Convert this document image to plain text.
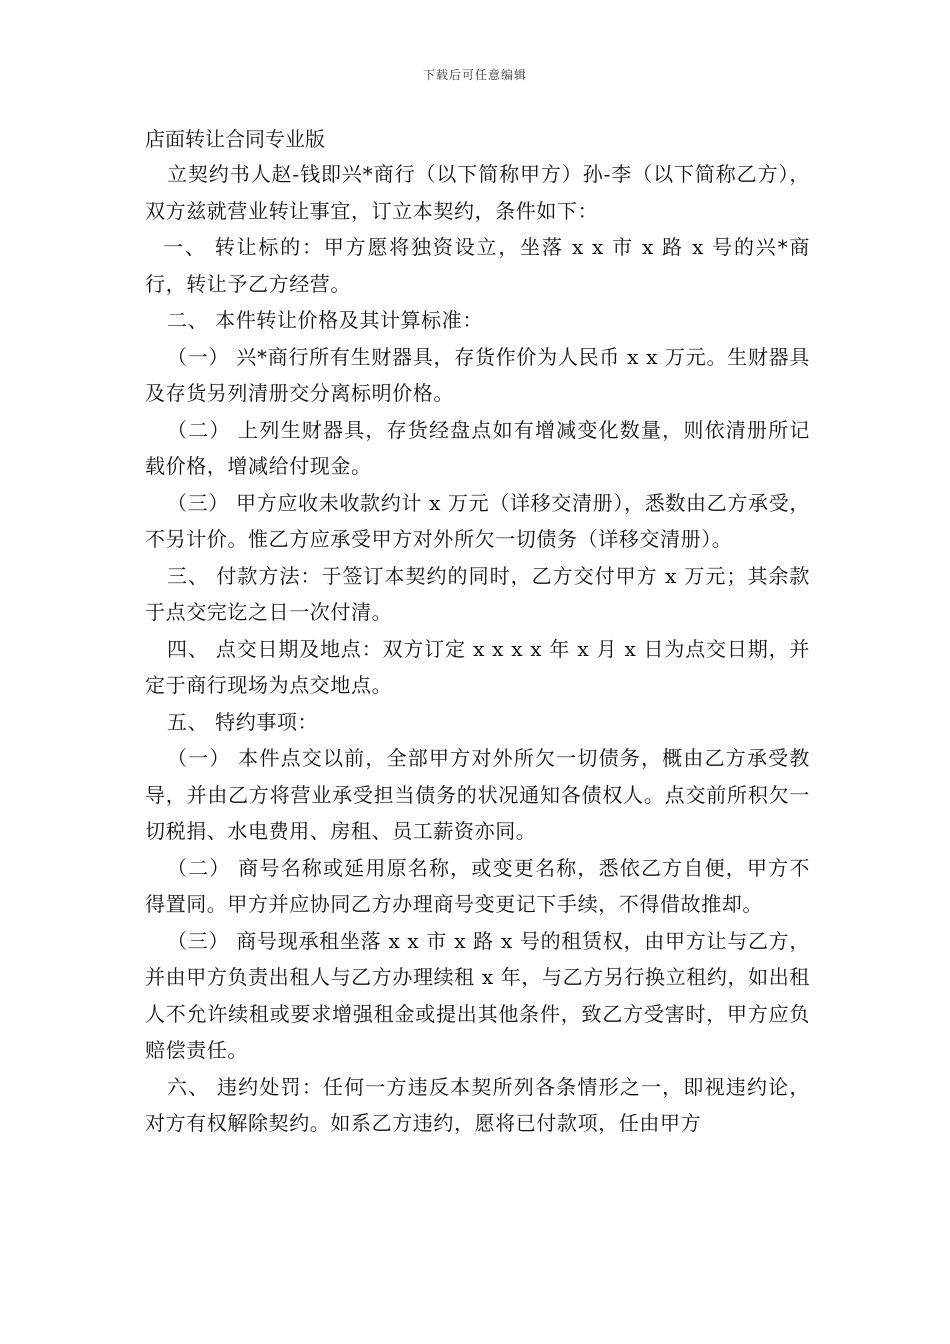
下载后可任意编辑
店面转让合同专业版

立契约书人赵-钱即兴*商行（以下简称甲方）孙-李（以下简称乙方），双方兹就营业转让事宜，订立本契约，条件如下：

一、 转让标的：甲方愿将独资设立，坐落 x x 市 x 路 x 号的兴*商行，转让予乙方经营。

二、 本件转让价格及其计算标准：

（一） 兴*商行所有生财器具，存货作价为人民币 x x 万元。生财器具及存货另列清册交分离标明价格。

（二） 上列生财器具，存货经盘点如有增减变化数量，则依清册所记载价格，增减给付现金。

（三） 甲方应收未收款约计 x 万元（详移交清册），悉数由乙方承受，不另计价。惟乙方应承受甲方对外所欠一切债务（详移交清册）。

三、 付款方法：于签订本契约的同时，乙方交付甲方 x 万元；其余款于点交完讫之日一次付清。

四、 点交日期及地点：双方订定 x x x x 年 x 月 x 日为点交日期，并定于商行现场为点交地点。

五、 特约事项：

（一） 本件点交以前，全部甲方对外所欠一切债务，概由乙方承受教导，并由乙方将营业承受担当债务的状况通知各债权人。点交前所积欠一切税捐、水电费用、房租、员工薪资亦同。

（二） 商号名称或延用原名称，或变更名称，悉依乙方自便，甲方不得置同。甲方并应协同乙方办理商号变更记下手续，不得借故推却。

（三） 商号现承租坐落 x x 市 x 路 x 号的租赁权，由甲方让与乙方，并由甲方负责出租人与乙方办理续租 x 年，与乙方另行换立租约，如出租人不允许续租或要求增强租金或提出其他条件，致乙方受害时，甲方应负赔偿责任。

六、 违约处罚：任何一方违反本契所列各条情形之一，即视违约论，对方有权解除契约。如系乙方违约，愿将已付款项，任由甲方
